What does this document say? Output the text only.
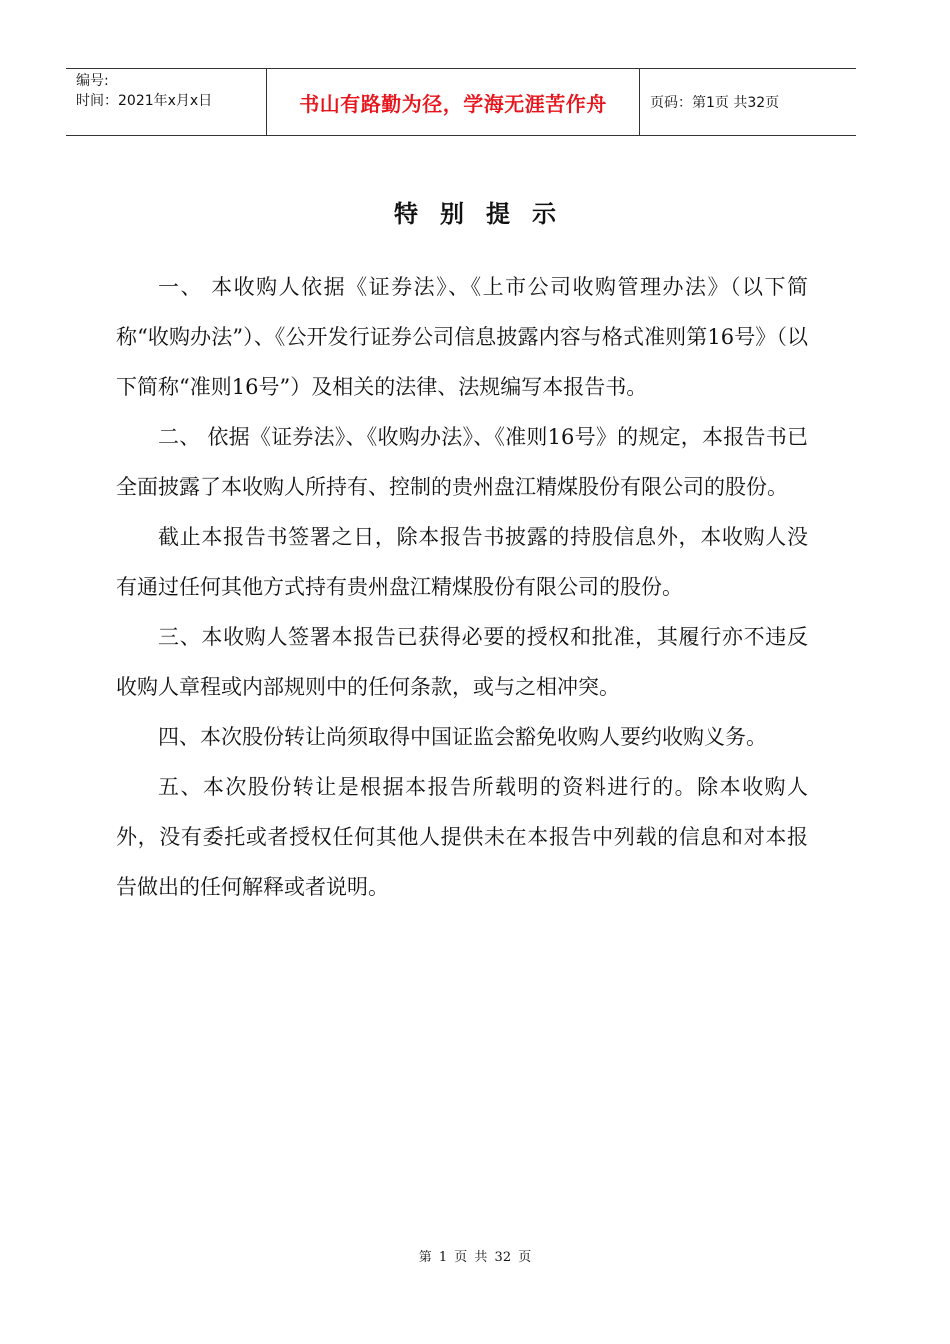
编号:
时间：2021年x月x日	书山有路勤为径，学海无涯苦作舟	页码：第1页 共32页
特别提示

一、 本收购人依据《证券法》、《上市公司收购管理办法》（以下简称“收购办法”）、《公开发行证券公司信息披露内容与格式准则第16号》（以下简称“准则16号”）及相关的法律、法规编写本报告书。

二、 依据《证券法》、《收购办法》、《准则16号》的规定，本报告书已全面披露了本收购人所持有、控制的贵州盘江精煤股份有限公司的股份。

截止本报告书签署之日，除本报告书披露的持股信息外，本收购人没有通过任何其他方式持有贵州盘江精煤股份有限公司的股份。

三、本收购人签署本报告已获得必要的授权和批准，其履行亦不违反收购人章程或内部规则中的任何条款，或与之相冲突。

四、本次股份转让尚须取得中国证监会豁免收购人要约收购义务。

五、本次股份转让是根据本报告所载明的资料进行的。除本收购人外，没有委托或者授权任何其他人提供未在本报告中列载的信息和对本报告做出的任何解释或者说明。

第 1 页 共 32 页
